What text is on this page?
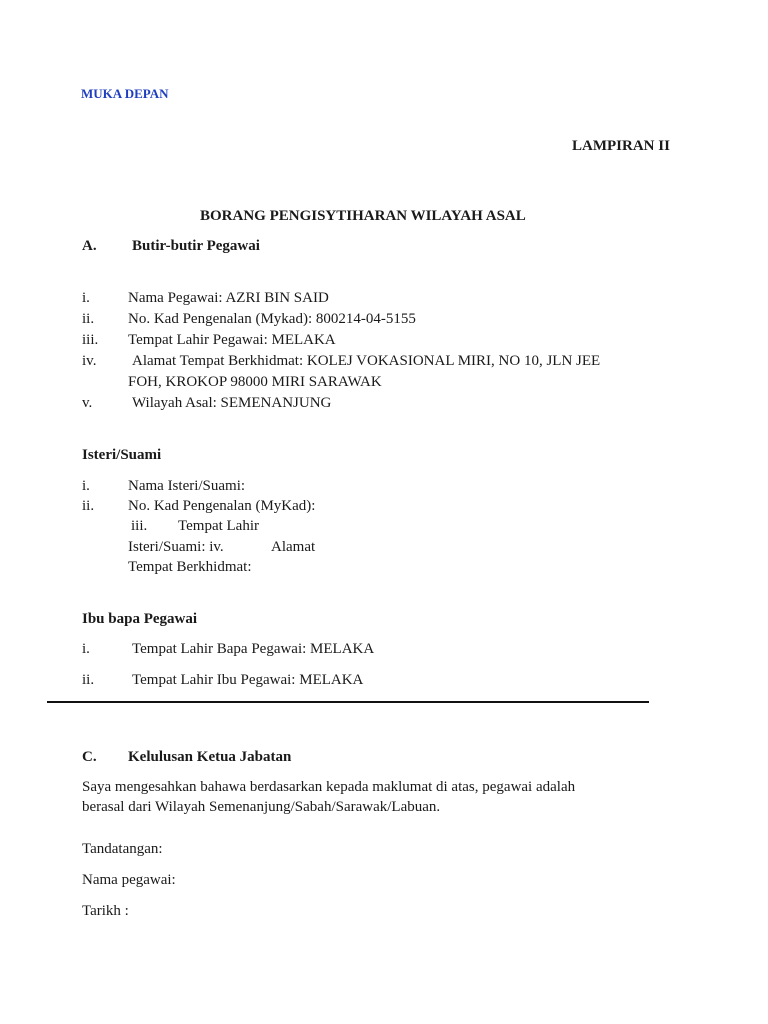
MUKA DEPAN
LAMPIRAN II
BORANG PENGISYTIHARAN WILAYAH ASAL
A. Butir-butir Pegawai
i.	Nama Pegawai: AZRI BIN SAID
ii. No. Kad Pengenalan (Mykad): 800214-04-5155
iii. Tempat Lahir Pegawai: MELAKA
iv. Alamat Tempat Berkhidmat: KOLEJ VOKASIONAL MIRI, NO 10, JLN JEE
FOH, KROKOP 98000 MIRI SARAWAK
v.	Wilayah Asal: SEMENANJUNG
Isteri/Suami
i.	Nama Isteri/Suami:
ii. No. Kad Pengenalan (MyKad):
iii. Tempat Lahir
Isteri/Suami: iv.	Alamat
Tempat Berkhidmat:
Ibu bapa Pegawai
i.	Tempat Lahir Bapa Pegawai: MELAKA
ii.	Tempat Lahir Ibu Pegawai: MELAKA
C. Kelulusan Ketua Jabatan
Saya mengesahkan bahawa berdasarkan kepada maklumat di atas, pegawai adalah
berasal dari Wilayah Semenanjung/Sabah/Sarawak/Labuan.
Tandatangan:
Nama pegawai:
Tarikh :
